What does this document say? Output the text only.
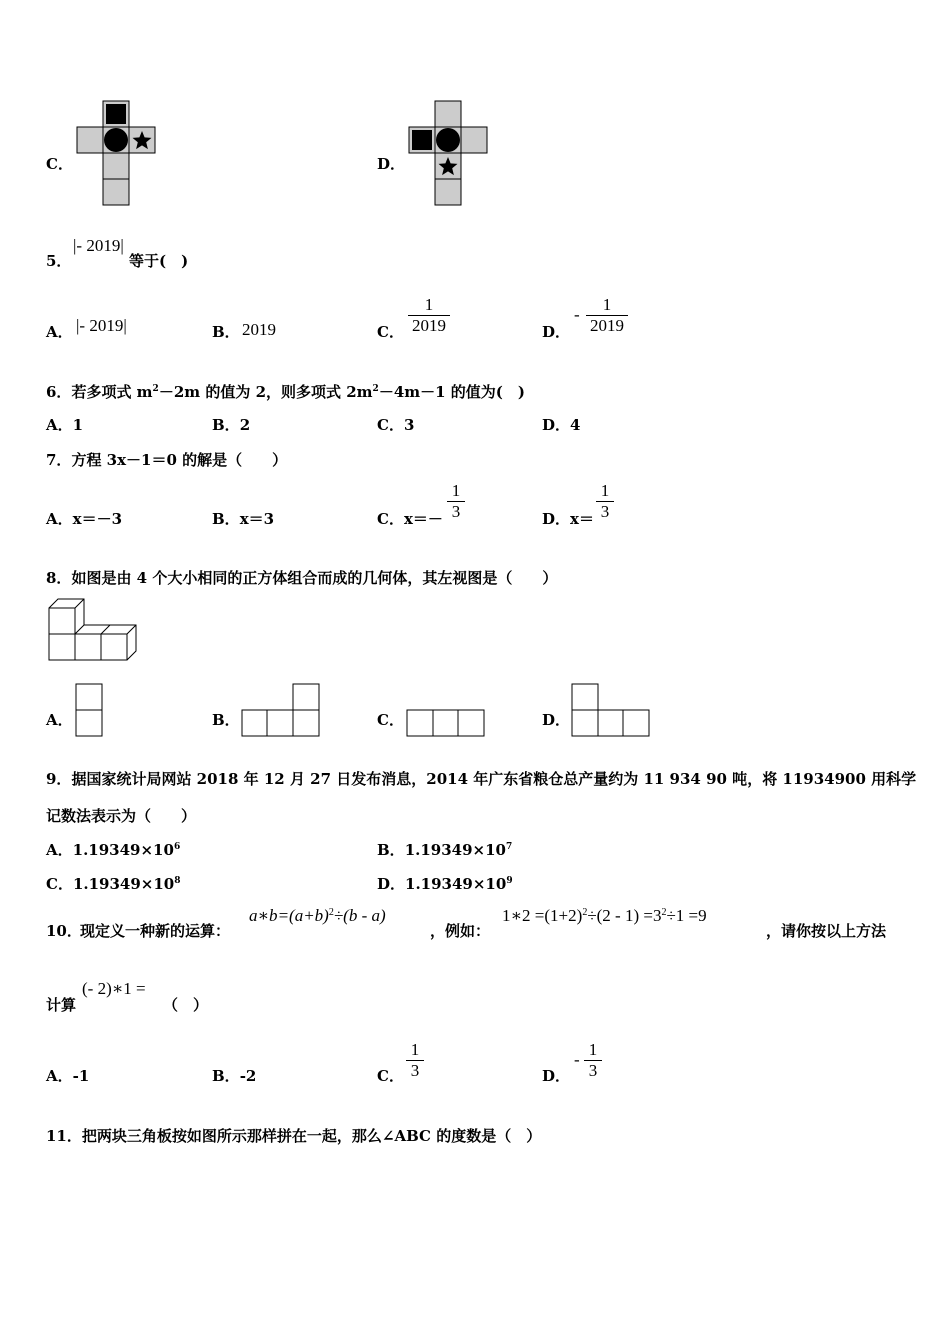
C．	D．
5．
|- 2019|
等于(　)
A． |- 2019|	B． 2019	C． $\frac{1}{2019}$	D．
- $\frac{1}{2019}$
6．若多项式 $m^2-2m$ 的值为 2，则多项式 $2m^2-4m-1$ 的值为(　)
A．1	B．2	C．3	D．4
7．方程 3x－1＝0 的解是（　　）
A．x＝－3	B．x＝3	C．$x=- \frac{1}{3}$	D．$x= \frac{1}{3}$
8．如图是由 4 个大小相同的正方体组合而成的几何体，其左视图是（　　）
A．	B．	C．	D．
9．据国家统计局网站 2018 年 12 月 27 日发布消息，2014 年广东省粮仓总产量约为 11 934 90 吨，将 11934900 用科学
记数法表示为（　　）
A．$1.19349\times 10^6$	B．$1.19349\times 10^7$
C．$1.19349\times 10^8$	D．$1.19349\times 10^9$
10．
现定义一种新的运算：
$a∗b=(a+b)^2\div(b - a)$
，例如：
1∗2 $=(1+2)^2\div(2 - 1) =3^2\div 1 =9$
，请你按以上方法
计算
(- 2)∗1 =
（　）
A．-1	B．-2	C． $\frac{1}{3}$	D．
- $\frac{1}{3}$
11．把两块三角板按如图所示那样拼在一起，那么∠ABC 的度数是（　）
